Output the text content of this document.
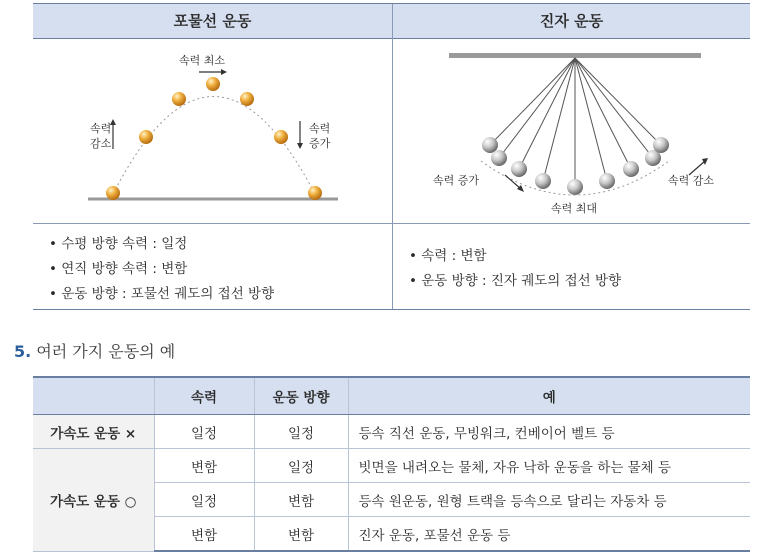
포물선 운동	진자 운동
속력 최소
속력
감소
속력
증가
속력 증가	속력 감소
속력 최대
• 수평 방향 속력 : 일정
• 연직 방향 속력 : 변함
• 운동 방향 : 포물선 궤도의 접선 방향
• 속력 : 변함
• 운동 방향 : 진자 궤도의 접선 방향
5. 여러 가지 운동의 예
	속력	운동 방향	예
가속도 운동 ×	일정	일정	등속 직선 운동, 무빙워크, 컨베이어 벨트 등
가속도 운동 ○	변함	일정	빗면을 내려오는 물체, 자유 낙하 운동을 하는 물체 등
	일정	변함	등속 원운동, 원형 트랙을 등속으로 달리는 자동차 등
	변함	변함	진자 운동, 포물선 운동 등
